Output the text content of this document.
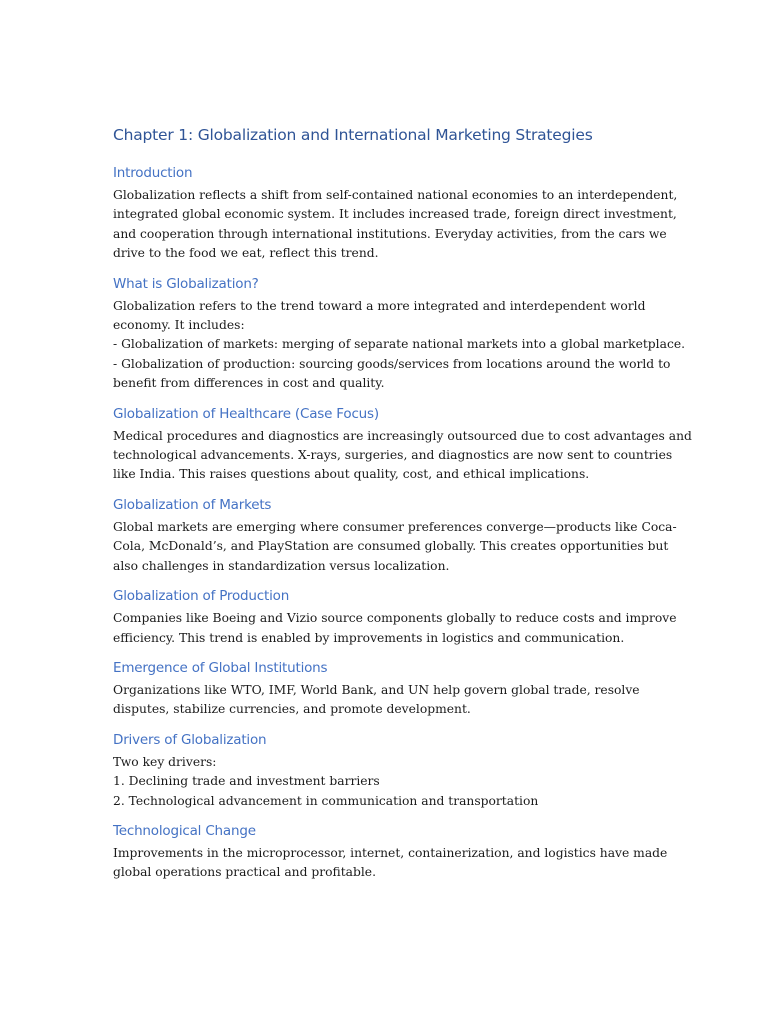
Chapter 1: Globalization and International Marketing Strategies
Introduction
Globalization reflects a shift from self-contained national economies to an interdependent,
integrated global economic system. It includes increased trade, foreign direct investment,
and cooperation through international institutions. Everyday activities, from the cars we
drive to the food we eat, reflect this trend.
What is Globalization?
Globalization refers to the trend toward a more integrated and interdependent world
economy. It includes:
- Globalization of markets: merging of separate national markets into a global marketplace.
- Globalization of production: sourcing goods/services from locations around the world to
benefit from differences in cost and quality.
Globalization of Healthcare (Case Focus)
Medical procedures and diagnostics are increasingly outsourced due to cost advantages and
technological advancements. X-rays, surgeries, and diagnostics are now sent to countries
like India. This raises questions about quality, cost, and ethical implications.
Globalization of Markets
Global markets are emerging where consumer preferences converge—products like Coca-
Cola, McDonald’s, and PlayStation are consumed globally. This creates opportunities but
also challenges in standardization versus localization.
Globalization of Production
Companies like Boeing and Vizio source components globally to reduce costs and improve
efficiency. This trend is enabled by improvements in logistics and communication.
Emergence of Global Institutions
Organizations like WTO, IMF, World Bank, and UN help govern global trade, resolve
disputes, stabilize currencies, and promote development.
Drivers of Globalization
Two key drivers:
1. Declining trade and investment barriers
2. Technological advancement in communication and transportation
Technological Change
Improvements in the microprocessor, internet, containerization, and logistics have made
global operations practical and profitable.
